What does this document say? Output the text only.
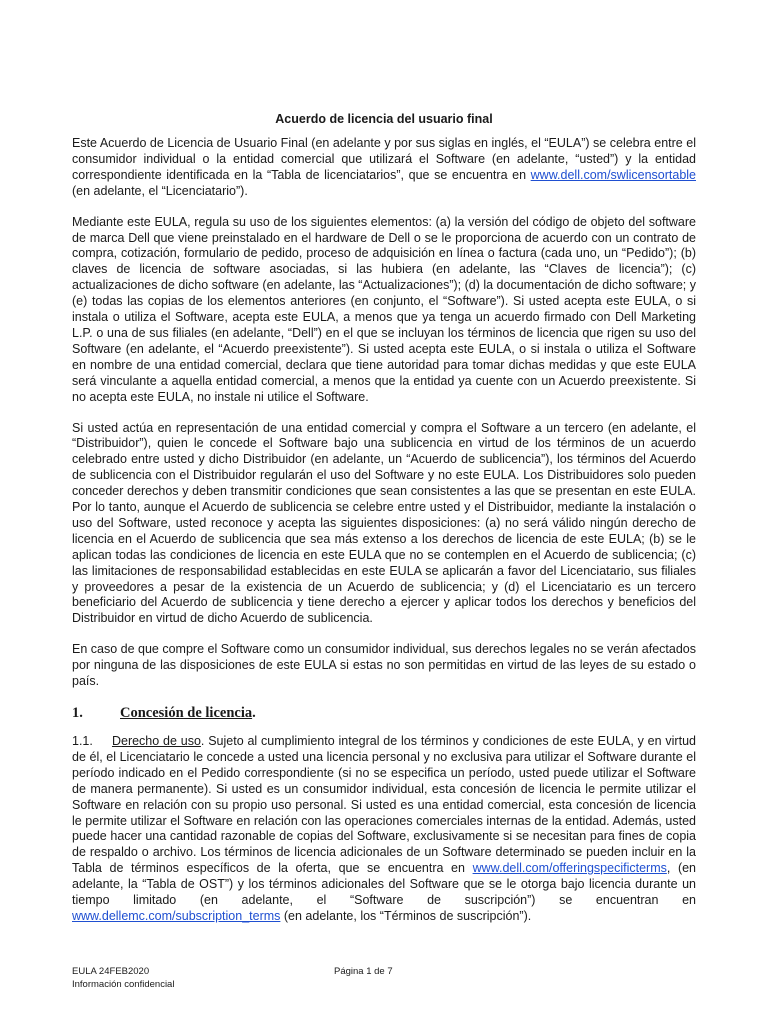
Acuerdo de licencia del usuario final

Este Acuerdo de Licencia de Usuario Final (en adelante y por sus siglas en inglés, el “EULA”) se celebra entre el consumidor individual o la entidad comercial que utilizará el Software (en adelante, “usted”) y la entidad correspondiente identificada en la “Tabla de licenciatarios”, que se encuentra en www.dell.com/swlicensortable (en adelante, el “Licenciatario”).

Mediante este EULA, regula su uso de los siguientes elementos: (a) la versión del código de objeto del software de marca Dell que viene preinstalado en el hardware de Dell o se le proporciona de acuerdo con un contrato de compra, cotización, formulario de pedido, proceso de adquisición en línea o factura (cada uno, un “Pedido”); (b) claves de licencia de software asociadas, si las hubiera (en adelante, las “Claves de licencia”); (c) actualizaciones de dicho software (en adelante, las “Actualizaciones”); (d) la documentación de dicho software; y (e) todas las copias de los elementos anteriores (en conjunto, el “Software”). Si usted acepta este EULA, o si instala o utiliza el Software, acepta este EULA, a menos que ya tenga un acuerdo firmado con Dell Marketing L.P. o una de sus filiales (en adelante, “Dell”) en el que se incluyan los términos de licencia que rigen su uso del Software (en adelante, el “Acuerdo preexistente”). Si usted acepta este EULA, o si instala o utiliza el Software en nombre de una entidad comercial, declara que tiene autoridad para tomar dichas medidas y que este EULA será vinculante a aquella entidad comercial, a menos que la entidad ya cuente con un Acuerdo preexistente. Si no acepta este EULA, no instale ni utilice el Software.

Si usted actúa en representación de una entidad comercial y compra el Software a un tercero (en adelante, el “Distribuidor”), quien le concede el Software bajo una sublicencia en virtud de los términos de un acuerdo celebrado entre usted y dicho Distribuidor (en adelante, un “Acuerdo de sublicencia”), los términos del Acuerdo de sublicencia con el Distribuidor regularán el uso del Software y no este EULA. Los Distribuidores solo pueden conceder derechos y deben transmitir condiciones que sean consistentes a las que se presentan en este EULA. Por lo tanto, aunque el Acuerdo de sublicencia se celebre entre usted y el Distribuidor, mediante la instalación o uso del Software, usted reconoce y acepta las siguientes disposiciones: (a) no será válido ningún derecho de licencia en el Acuerdo de sublicencia que sea más extenso a los derechos de licencia de este EULA; (b) se le aplican todas las condiciones de licencia en este EULA que no se contemplen en el Acuerdo de sublicencia; (c) las limitaciones de responsabilidad establecidas en este EULA se aplicarán a favor del Licenciatario, sus filiales y proveedores a pesar de la existencia de un Acuerdo de sublicencia; y (d) el Licenciatario es un tercero beneficiario del Acuerdo de sublicencia y tiene derecho a ejercer y aplicar todos los derechos y beneficios del Distribuidor en virtud de dicho Acuerdo de sublicencia.

En caso de que compre el Software como un consumidor individual, sus derechos legales no se verán afectados por ninguna de las disposiciones de este EULA si estas no son permitidas en virtud de las leyes de su estado o país.

1.	Concesión de licencia.

1.1. Derecho de uso. Sujeto al cumplimiento integral de los términos y condiciones de este EULA, y en virtud de él, el Licenciatario le concede a usted una licencia personal y no exclusiva para utilizar el Software durante el período indicado en el Pedido correspondiente (si no se especifica un período, usted puede utilizar el Software de manera permanente). Si usted es un consumidor individual, esta concesión de licencia le permite utilizar el Software en relación con su propio uso personal. Si usted es una entidad comercial, esta concesión de licencia le permite utilizar el Software en relación con las operaciones comerciales internas de la entidad. Además, usted puede hacer una cantidad razonable de copias del Software, exclusivamente si se necesitan para fines de copia de respaldo o archivo. Los términos de licencia adicionales de un Software determinado se pueden incluir en la Tabla de términos específicos de la oferta, que se encuentra en www.dell.com/offeringspecificterms, (en adelante, la “Tabla de OST”) y los términos adicionales del Software que se le otorga bajo licencia durante un tiempo limitado (en adelante, el “Software de suscripción”) se encuentran en www.dellemc.com/subscription_terms (en adelante, los “Términos de suscripción”).

EULA 24FEB2020
Información confidencial
Página 1 de 7
